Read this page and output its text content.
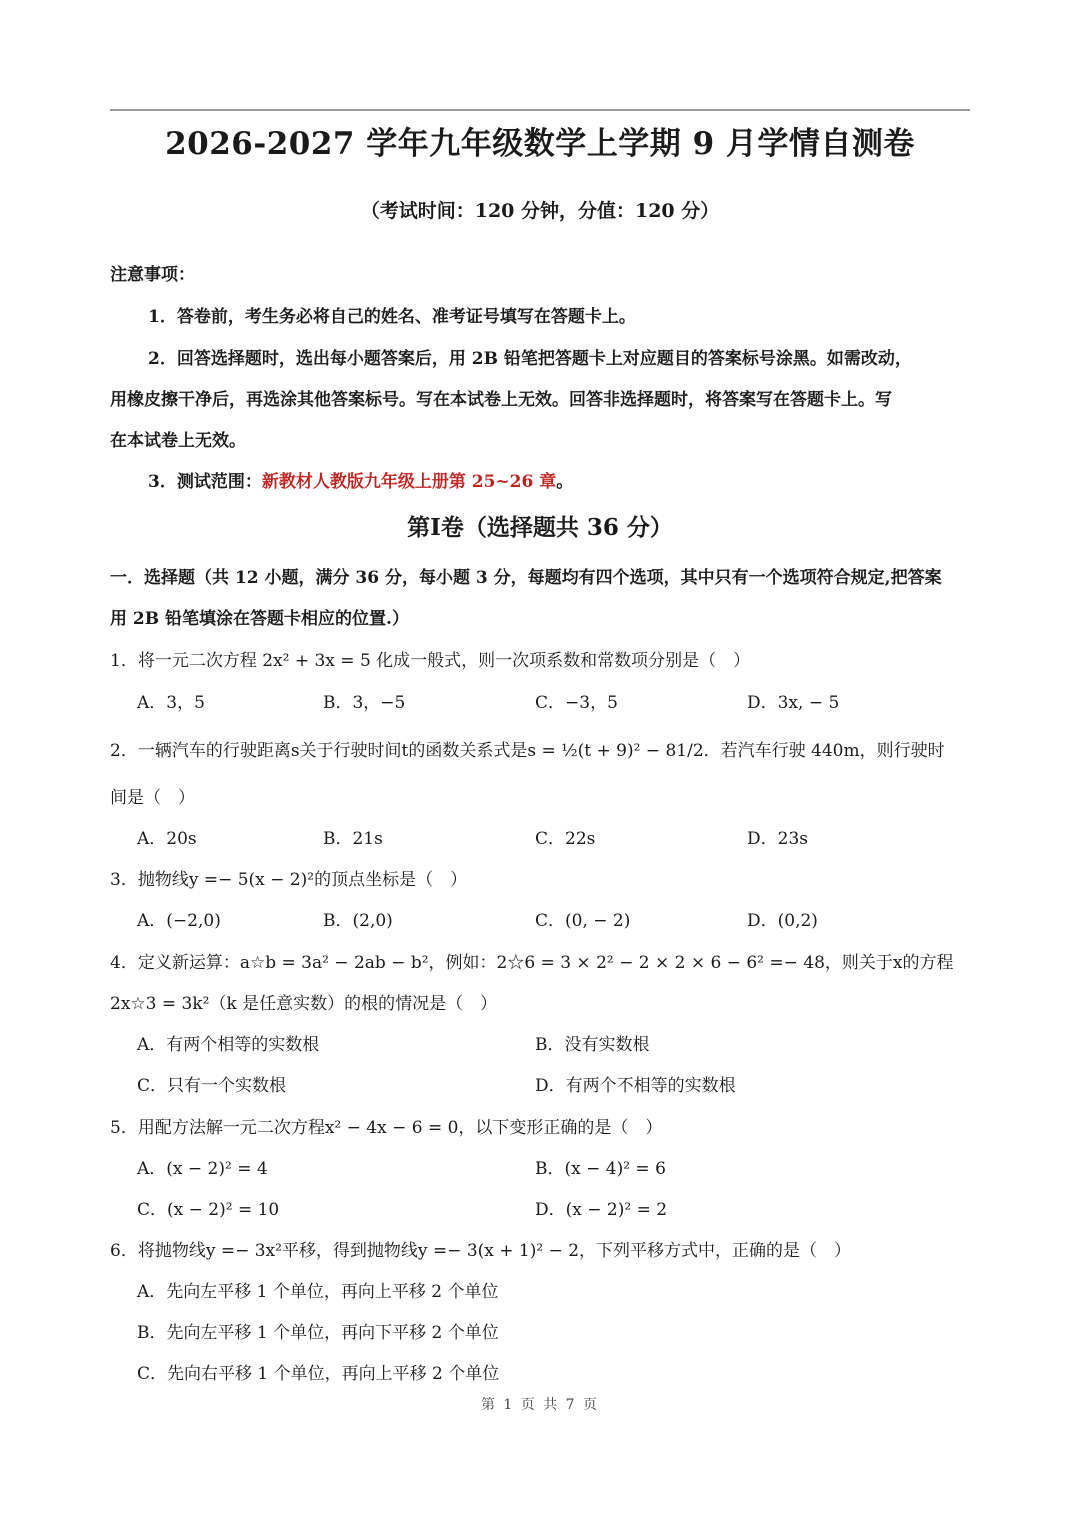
2026-2027 学年九年级数学上学期 9 月学情自测卷
（考试时间：120 分钟，分值：120 分）
注意事项：
1．答卷前，考生务必将自己的姓名、准考证号填写在答题卡上。
2．回答选择题时，选出每小题答案后，用 2B 铅笔把答题卡上对应题目的答案标号涂黑。如需改动，
用橡皮擦干净后，再选涂其他答案标号。写在本试卷上无效。回答非选择题时，将答案写在答题卡上。写
在本试卷上无效。
3．测试范围：新教材人教版九年级上册第 25~26 章。
第Ⅰ卷（选择题共 36 分）
一．选择题（共 12 小题，满分 36 分，每小题 3 分，每题均有四个选项，其中只有一个选项符合规定,把答案
用 2B 铅笔填涂在答题卡相应的位置.）
1．将一元二次方程 2x² + 3x = 5 化成一般式，则一次项系数和常数项分别是（　）
A．3，5	B．3，−5	C．−3，5	D．3x, − 5
2．一辆汽车的行驶距离s关于行驶时间t的函数关系式是s = ½(t + 9)² − 81/2．若汽车行驶 440m，则行驶时
间是（　）
A．20s	B．21s	C．22s	D．23s
3．抛物线y =− 5(x − 2)²的顶点坐标是（　）
A．(−2,0)	B．(2,0)	C．(0, − 2)	D．(0,2)
4．定义新运算：a☆b = 3a² − 2ab − b²，例如：2☆6 = 3 × 2² − 2 × 2 × 6 − 6² =− 48，则关于x的方程
2x☆3 = 3k²（k 是任意实数）的根的情况是（　）
A．有两个相等的实数根	B．没有实数根
C．只有一个实数根	D．有两个不相等的实数根
5．用配方法解一元二次方程x² − 4x − 6 = 0，以下变形正确的是（　）
A．(x − 2)² = 4	B．(x − 4)² = 6
C．(x − 2)² = 10	D．(x − 2)² = 2
6．将抛物线y =− 3x²平移，得到抛物线y =− 3(x + 1)² − 2，下列平移方式中，正确的是（　）
A．先向左平移 1 个单位，再向上平移 2 个单位
B．先向左平移 1 个单位，再向下平移 2 个单位
C．先向右平移 1 个单位，再向上平移 2 个单位
第 1 页 共 7 页
